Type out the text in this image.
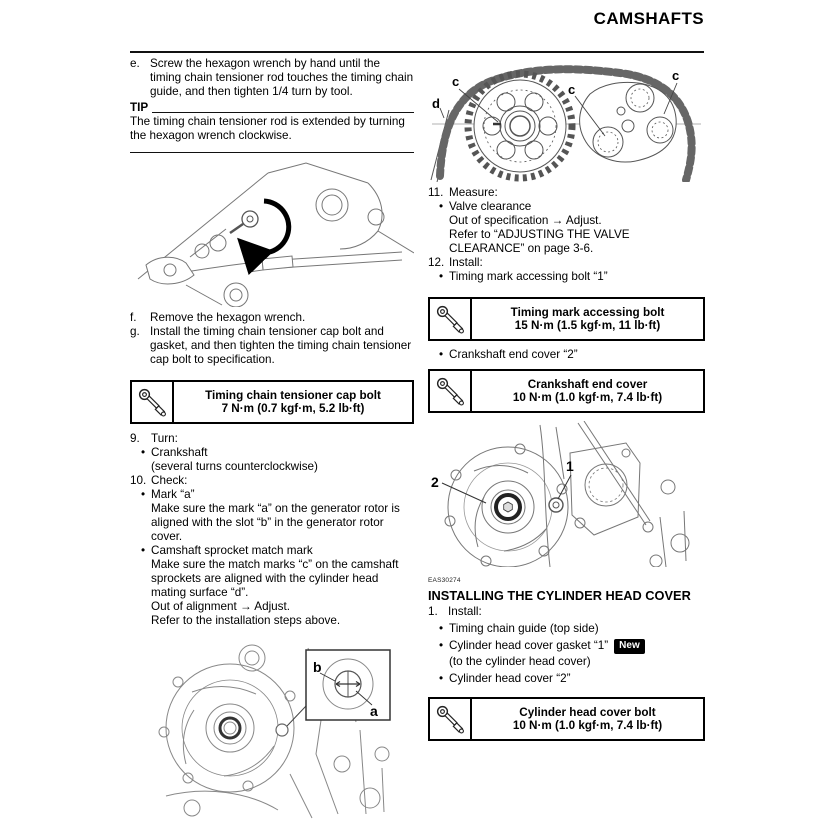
CAMSHAFTS
e. Screw the hexagon wrench by hand until the timing chain tensioner rod touches the timing chain guide, and then tighten 1/4 turn by tool.
TIP
The timing chain tensioner rod is extended by turning the hexagon wrench clockwise.
f.	Remove the hexagon wrench.
g. Install the timing chain tensioner cap bolt and gasket, and then tighten the timing chain tensioner cap bolt to specification.
Timing chain tensioner cap bolt
7 N·m (0.7 kgf·m, 5.2 lb·ft)
9. Turn:
• Crankshaft
(several turns counterclockwise)
10. Check:
• Mark “a”
Make sure the mark “a” on the generator rotor is aligned with the slot “b” in the generator rotor cover.
• Camshaft sprocket match mark
Make sure the match marks “c” on the camshaft sprockets are aligned with the cylinder head mating surface “d”.
Out of alignment → Adjust.
Refer to the installation steps above.
b
a
c
d
c
c
11. Measure:
• Valve clearance
Out of specification → Adjust.
Refer to “ADJUSTING THE VALVE CLEARANCE” on page 3-6.
12. Install:
• Timing mark accessing bolt “1”
Timing mark accessing bolt
15 N·m (1.5 kgf·m, 11 lb·ft)
• Crankshaft end cover “2”
Crankshaft end cover
10 N·m (1.0 kgf·m, 7.4 lb·ft)
2
1
EAS30274
INSTALLING THE CYLINDER HEAD COVER
1. Install:
• Timing chain guide (top side)
• Cylinder head cover gasket “1” New
(to the cylinder head cover)
• Cylinder head cover “2”
Cylinder head cover bolt
10 N·m (1.0 kgf·m, 7.4 lb·ft)
